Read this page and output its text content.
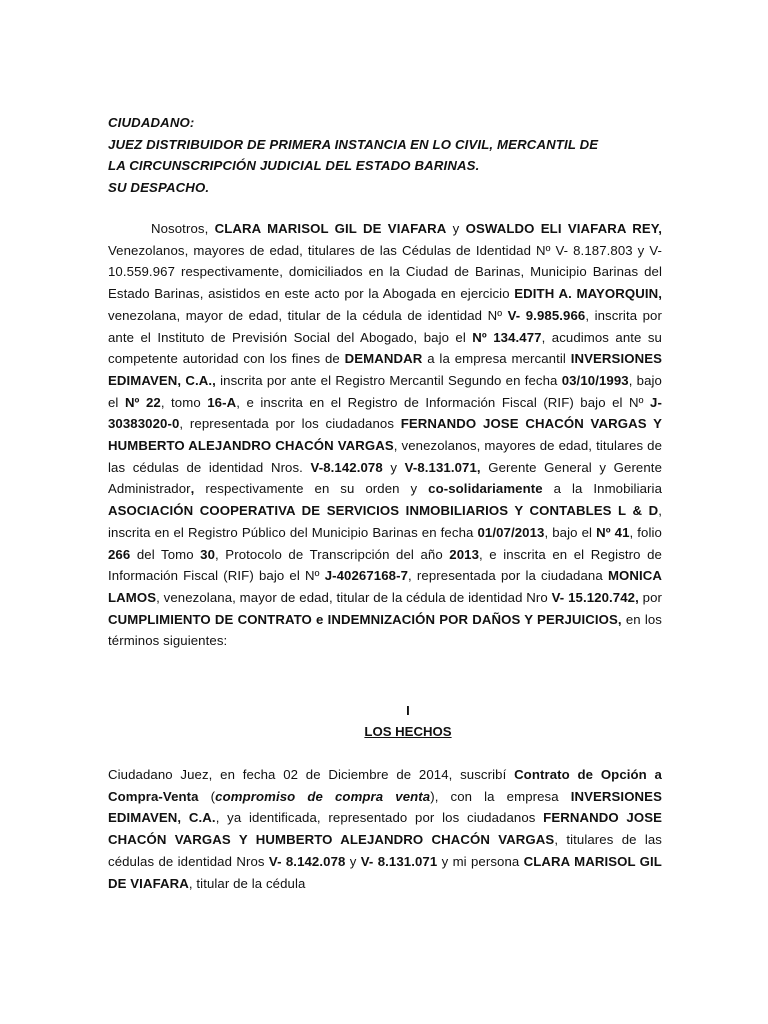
CIUDADANO:
JUEZ DISTRIBUIDOR DE PRIMERA INSTANCIA EN LO CIVIL, MERCANTIL DE
LA CIRCUNSCRIPCIÓN JUDICIAL DEL ESTADO BARINAS.
SU DESPACHO.
Nosotros, CLARA MARISOL GIL DE VIAFARA y OSWALDO ELI VIAFARA REY, Venezolanos, mayores de edad, titulares de las Cédulas de Identidad Nº V- 8.187.803 y V- 10.559.967 respectivamente, domiciliados en la Ciudad de Barinas, Municipio Barinas del Estado Barinas, asistidos en este acto por la Abogada en ejercicio EDITH A. MAYORQUIN, venezolana, mayor de edad, titular de la cédula de identidad Nº V- 9.985.966, inscrita por ante el Instituto de Previsión Social del Abogado, bajo el Nº 134.477, acudimos ante su competente autoridad con los fines de DEMANDAR a la empresa mercantil INVERSIONES EDIMAVEN, C.A., inscrita por ante el Registro Mercantil Segundo en fecha 03/10/1993, bajo el Nº 22, tomo 16-A, e inscrita en el Registro de Información Fiscal (RIF) bajo el Nº J-30383020-0, representada por los ciudadanos FERNANDO JOSE CHACÓN VARGAS Y HUMBERTO ALEJANDRO CHACÓN VARGAS, venezolanos, mayores de edad, titulares de las cédulas de identidad Nros. V-8.142.078 y V-8.131.071, Gerente General y Gerente Administrador, respectivamente en su orden y co-solidariamente a la Inmobiliaria ASOCIACIÓN COOPERATIVA DE SERVICIOS INMOBILIARIOS Y CONTABLES L & D, inscrita en el Registro Público del Municipio Barinas en fecha 01/07/2013, bajo el Nº 41, folio 266 del Tomo 30, Protocolo de Transcripción del año 2013, e inscrita en el Registro de Información Fiscal (RIF) bajo el Nº J-40267168-7, representada por la ciudadana MONICA LAMOS, venezolana, mayor de edad, titular de la cédula de identidad Nro V- 15.120.742, por CUMPLIMIENTO DE CONTRATO e INDEMNIZACIÓN POR DAÑOS Y PERJUICIOS, en los términos siguientes:
I
LOS HECHOS
Ciudadano Juez, en fecha 02 de Diciembre de 2014, suscribí Contrato de Opción a Compra-Venta (compromiso de compra venta), con la empresa INVERSIONES EDIMAVEN, C.A., ya identificada, representado por los ciudadanos FERNANDO JOSE CHACÓN VARGAS Y HUMBERTO ALEJANDRO CHACÓN VARGAS, titulares de las cédulas de identidad Nros V- 8.142.078 y V- 8.131.071 y mi persona CLARA MARISOL GIL DE VIAFARA, titular de la cédula
